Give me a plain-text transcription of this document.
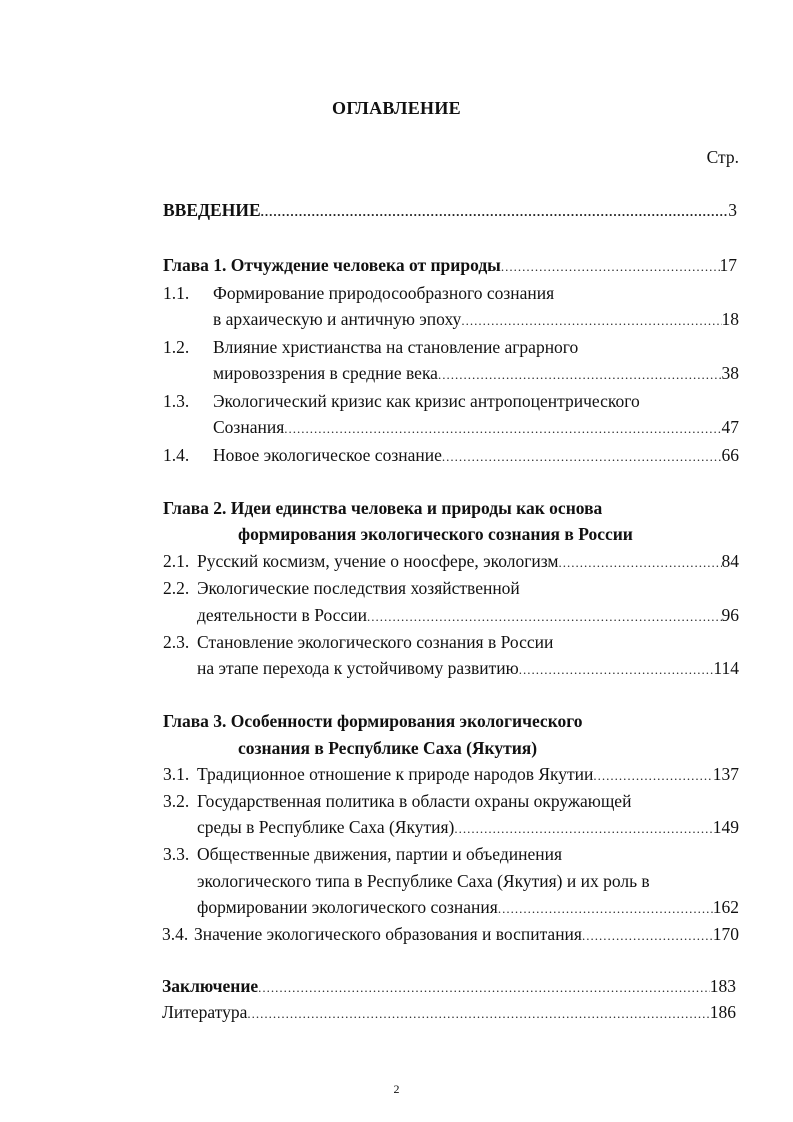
ОГЛАВЛЕНИЕ
Стр.
ВВЕДЕНИЕ .....	3
Глава 1. Отчуждение человека от природы .....	17
1.1. Формирование природосообразного сознания
в архаическую и античную эпоху .....	18
1.2. Влияние христианства на становление аграрного
мировоззрения в средние века .....	38
1.3. Экологический кризис как кризис антропоцентрического
Сознания .....	47
1.4. Новое экологическое сознание .....	66
Глава 2. Идеи единства человека и природы как основа
формирования экологического сознания в России
2.1. Русский космизм, учение о ноосфере, экологизм .....	84
2.2. Экологические последствия хозяйственной
деятельности в России .....	96
2.3. Становление экологического сознания в России
на этапе перехода к устойчивому развитию .....	114
Глава 3. Особенности формирования экологического
сознания в Республике Саха (Якутия)
3.1. Традиционное отношение к природе народов Якутии .....	137
3.2. Государственная политика в области охраны окружающей
среды в Республике Саха (Якутия) .....	149
3.3. Общественные движения, партии и объединения
экологического типа в Республике Саха (Якутия) и их роль в
формировании экологического сознания .....	162
3.4. Значение экологического образования и воспитания .....	170
Заключение .....	183
Литература .....	186
2
